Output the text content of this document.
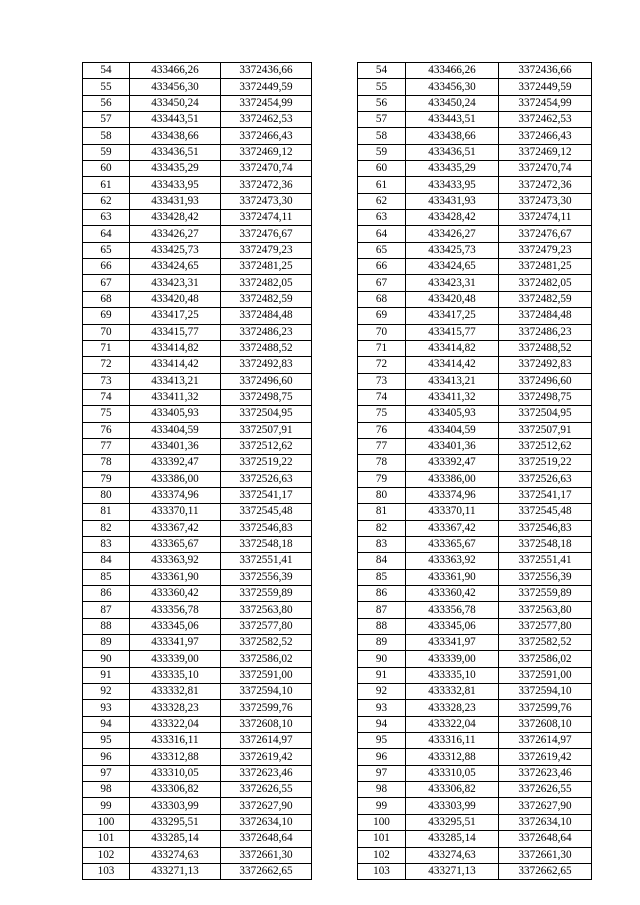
54	433466,26	3372436,66		54	433466,26	3372436,66
55	433456,30	3372449,59		55	433456,30	3372449,59
56	433450,24	3372454,99		56	433450,24	3372454,99
57	433443,51	3372462,53		57	433443,51	3372462,53
58	433438,66	3372466,43		58	433438,66	3372466,43
59	433436,51	3372469,12		59	433436,51	3372469,12
60	433435,29	3372470,74		60	433435,29	3372470,74
61	433433,95	3372472,36		61	433433,95	3372472,36
62	433431,93	3372473,30		62	433431,93	3372473,30
63	433428,42	3372474,11		63	433428,42	3372474,11
64	433426,27	3372476,67		64	433426,27	3372476,67
65	433425,73	3372479,23		65	433425,73	3372479,23
66	433424,65	3372481,25		66	433424,65	3372481,25
67	433423,31	3372482,05		67	433423,31	3372482,05
68	433420,48	3372482,59		68	433420,48	3372482,59
69	433417,25	3372484,48		69	433417,25	3372484,48
70	433415,77	3372486,23		70	433415,77	3372486,23
71	433414,82	3372488,52		71	433414,82	3372488,52
72	433414,42	3372492,83		72	433414,42	3372492,83
73	433413,21	3372496,60		73	433413,21	3372496,60
74	433411,32	3372498,75		74	433411,32	3372498,75
75	433405,93	3372504,95		75	433405,93	3372504,95
76	433404,59	3372507,91		76	433404,59	3372507,91
77	433401,36	3372512,62		77	433401,36	3372512,62
78	433392,47	3372519,22		78	433392,47	3372519,22
79	433386,00	3372526,63		79	433386,00	3372526,63
80	433374,96	3372541,17		80	433374,96	3372541,17
81	433370,11	3372545,48		81	433370,11	3372545,48
82	433367,42	3372546,83		82	433367,42	3372546,83
83	433365,67	3372548,18		83	433365,67	3372548,18
84	433363,92	3372551,41		84	433363,92	3372551,41
85	433361,90	3372556,39		85	433361,90	3372556,39
86	433360,42	3372559,89		86	433360,42	3372559,89
87	433356,78	3372563,80		87	433356,78	3372563,80
88	433345,06	3372577,80		88	433345,06	3372577,80
89	433341,97	3372582,52		89	433341,97	3372582,52
90	433339,00	3372586,02		90	433339,00	3372586,02
91	433335,10	3372591,00		91	433335,10	3372591,00
92	433332,81	3372594,10		92	433332,81	3372594,10
93	433328,23	3372599,76		93	433328,23	3372599,76
94	433322,04	3372608,10		94	433322,04	3372608,10
95	433316,11	3372614,97		95	433316,11	3372614,97
96	433312,88	3372619,42		96	433312,88	3372619,42
97	433310,05	3372623,46		97	433310,05	3372623,46
98	433306,82	3372626,55		98	433306,82	3372626,55
99	433303,99	3372627,90		99	433303,99	3372627,90
100	433295,51	3372634,10		100	433295,51	3372634,10
101	433285,14	3372648,64		101	433285,14	3372648,64
102	433274,63	3372661,30		102	433274,63	3372661,30
103	433271,13	3372662,65		103	433271,13	3372662,65
